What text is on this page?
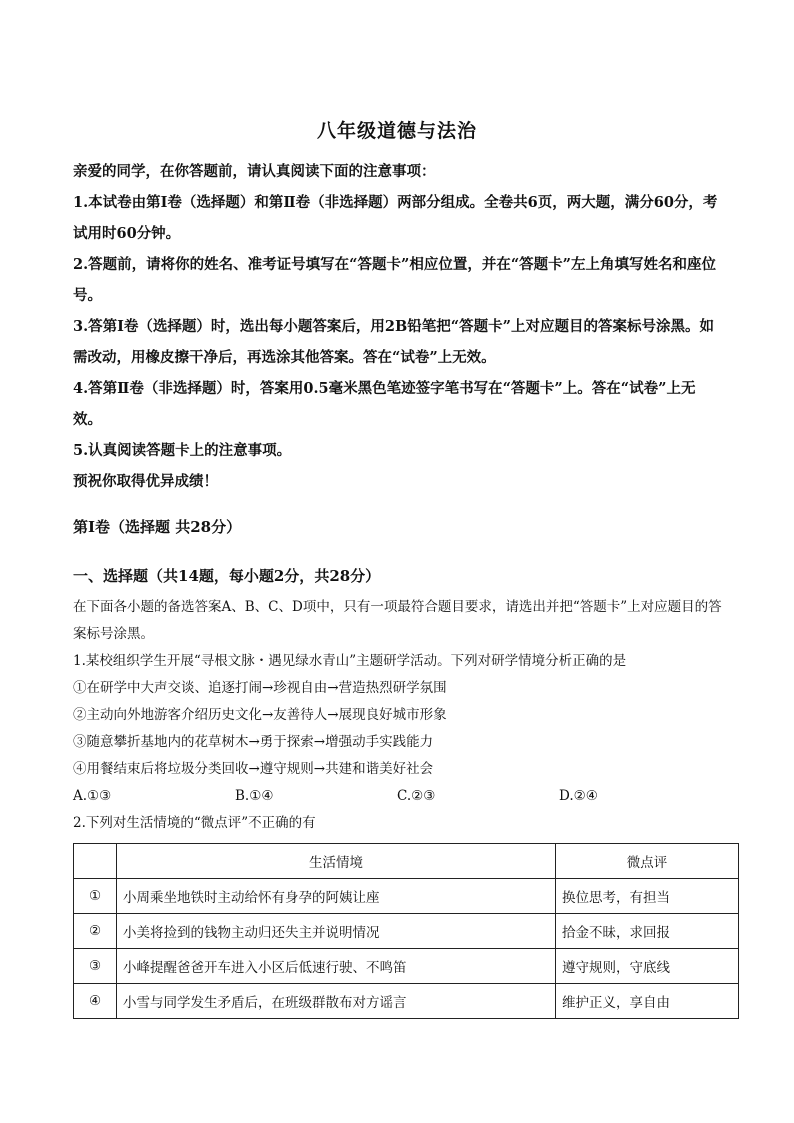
八年级道德与法治

亲爱的同学，在你答题前，请认真阅读下面的注意事项：

1.本试卷由第Ⅰ卷（选择题）和第Ⅱ卷（非选择题）两部分组成。全卷共6页，两大题，满分60分，考试用时60分钟。

2.答题前，请将你的姓名、准考证号填写在“答题卡”相应位置，并在“答题卡”左上角填写姓名和座位号。

3.答第Ⅰ卷（选择题）时，选出每小题答案后，用2B铅笔把“答题卡”上对应题目的答案标号涂黑。如需改动，用橡皮擦干净后，再选涂其他答案。答在“试卷”上无效。

4.答第Ⅱ卷（非选择题）时，答案用0.5毫米黑色笔迹签字笔书写在“答题卡”上。答在“试卷”上无效。

5.认真阅读答题卡上的注意事项。

预祝你取得优异成绩！

第Ⅰ卷（选择题 共28分）
一、选择题（共14题，每小题2分，共28分）

在下面各小题的备选答案A、B、C、D项中，只有一项最符合题目要求，请选出并把“答题卡”上对应题目的答案标号涂黑。

1.某校组织学生开展“寻根文脉・遇见绿水青山”主题研学活动。下列对研学情境分析正确的是

①在研学中大声交谈、追逐打闹→珍视自由→营造热烈研学氛围

②主动向外地游客介绍历史文化→友善待人→展现良好城市形象

③随意攀折基地内的花草树木→勇于探索→增强动手实践能力

④用餐结束后将垃圾分类回收→遵守规则→共建和谐美好社会

A.①③	B.①④	C.②③	D.②④

2.下列对生活情境的“微点评”不正确的有

	生活情境	微点评
①	小周乘坐地铁时主动给怀有身孕的阿姨让座	换位思考，有担当
②	小美将捡到的钱物主动归还失主并说明情况	拾金不昧，求回报
③	小峰提醒爸爸开车进入小区后低速行驶、不鸣笛	遵守规则，守底线
④	小雪与同学发生矛盾后，在班级群散布对方谣言	维护正义，享自由
